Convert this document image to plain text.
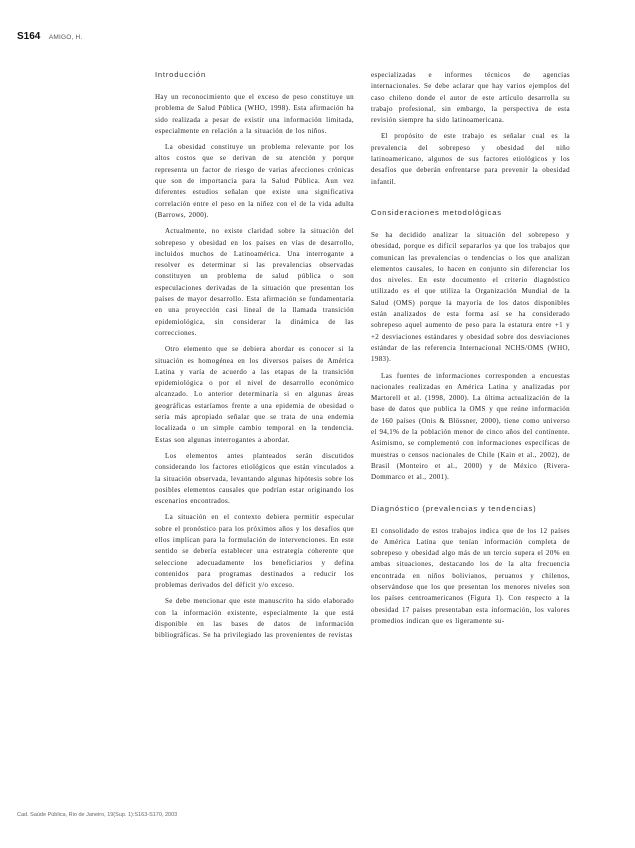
S164 AMIGO, H.
Introducción

Hay un reconocimiento que el exceso de peso constituye un problema de Salud Pública (WHO, 1998). Esta afirmación ha sido realizada a pesar de existir una información limitada, especialmente en relación a la situación de los niños.

La obesidad constituye un problema relevante por los altos costos que se derivan de su atención y porque representa un factor de riesgo de varias afecciones crónicas que son de importancia para la Salud Pública. Aun vez diferentes estudios señalan que existe una significativa correlación entre el peso en la niñez con el de la vida adulta (Barrows, 2000).

Actualmente, no existe claridad sobre la situación del sobrepeso y obesidad en los países en vías de desarrollo, incluidos muchos de Latinoamérica. Una interrogante a resolver es determinar si las prevalencias observadas constituyen un problema de salud pública o son especulaciones derivadas de la situación que presentan los países de mayor desarrollo. Esta afirmación se fundamentaría en una proyección casi lineal de la llamada transición epidemiológica, sin considerar la dinámica de las correcciones.

Otro elemento que se debiera abordar es conocer si la situación es homogénea en los diversos países de América Latina y varía de acuerdo a las etapas de la transición epidemiológica o por el nivel de desarrollo económico alcanzado. Lo anterior determinaría si en algunas áreas geográficas estaríamos frente a una epidemia de obesidad o sería más apropiado señalar que se trata de una endemia localizada o un simple cambio temporal en la tendencia. Estas son algunas interrogantes a abordar.

Los elementos antes planteados serán discutidos considerando los factores etiológicos que están vinculados a la situación observada, levantando algunas hipótesis sobre los posibles elementos causales que podrían estar originando los escenarios encontrados.

La situación en el contexto debiera permitir especular sobre el pronóstico para los próximos años y los desafíos que ellos implican para la formulación de intervenciones. En este sentido se debería establecer una estrategia coherente que seleccione adecuadamente los beneficiarios y defina contenidos para programas destinados a reducir los problemas derivados del déficit y/o exceso.

Se debe mencionar que este manuscrito ha sido elaborado con la información existente, especialmente la que está disponible en las bases de datos de información bibliográficas. Se ha privilegiado las provenientes de revistas

especializadas e informes técnicos de agencias internacionales. Se debe aclarar que hay varios ejemplos del caso chileno donde el autor de este artículo desarrolla su trabajo profesional, sin embargo, la perspectiva de esta revisión siempre ha sido latinoamericana.

El propósito de este trabajo es señalar cual es la prevalencia del sobrepeso y obesidad del niño latinoamericano, algunos de sus factores etiológicos y los desafíos que deberán enfrentarse para prevenir la obesidad infantil.

Consideraciones metodológicas

Se ha decidido analizar la situación del sobrepeso y obesidad, porque es difícil separarlos ya que los trabajos que comunican las prevalencias o tendencias o los que analizan elementos causales, lo hacen en conjunto sin diferenciar los dos niveles. En este documento el criterio diagnóstico utilizado es el que utiliza la Organización Mundial de la Salud (OMS) porque la mayoría de los datos disponibles están analizados de esta forma así se ha considerado sobrepeso aquel aumento de peso para la estatura entre +1 y +2 desviaciones estándares y obesidad sobre dos desviaciones estándar de las referencia Internacional NCHS/OMS (WHO, 1983).

Las fuentes de informaciones corresponden a encuestas nacionales realizadas en América Latina y analizadas por Martorell et al. (1998, 2000). La última actualización de la base de datos que publica la OMS y que reúne información de 160 países (Onis & Blössner, 2000), tiene como universo el 94,1% de la población menor de cinco años del continente. Asimismo, se complementó con informaciones específicas de muestras o censos nacionales de Chile (Kain et al., 2002), de Brasil (Monteiro et al., 2000) y de México (Rivera-Dommarco et al., 2001).

Diagnóstico (prevalencias y tendencias)

El consolidado de estos trabajos indica que de los 12 países de América Latina que tenían información completa de sobrepeso y obesidad algo más de un tercio supera el 20% en ambas situaciones, destacando los de la alta frecuencia encontrada en niños bolivianos, peruanos y chilenos, observándose que los que presentan los menores niveles son los países centroamericanos (Figura 1). Con respecto a la obesidad 17 países presentaban esta información, los valores promedios indican que es ligeramente su-

Cad. Saúde Pública, Rio de Janeiro, 19(Sup. 1):S163-S170, 2003
